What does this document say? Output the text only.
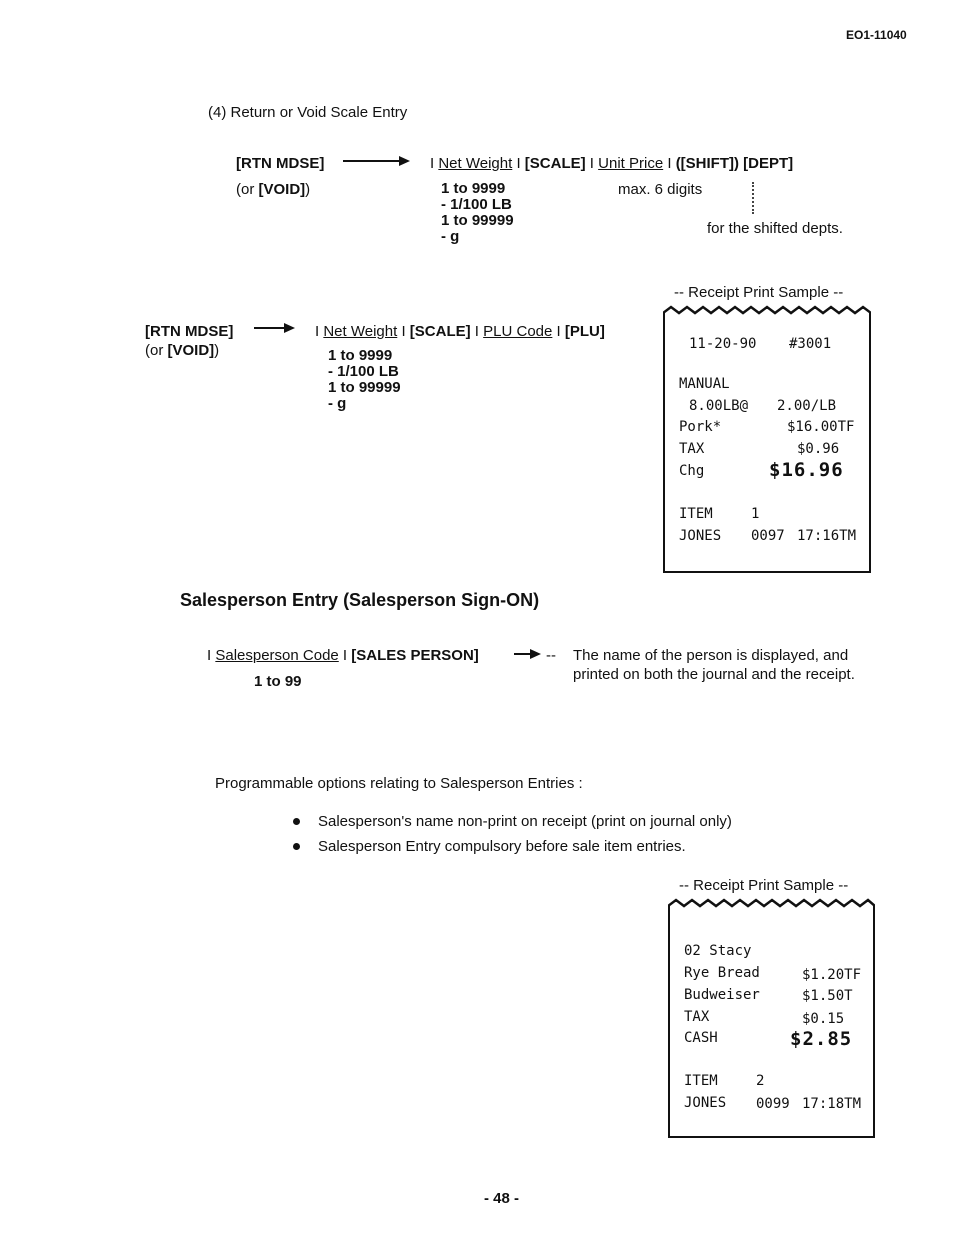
EO1-11040
(4) Return or Void Scale Entry
[RTN MDSE]
(or [VOID])
I Net Weight I [SCALE] I Unit Price I ([SHIFT]) [DEPT]
1 to 9999
- 1/100 LB
1 to 99999
- g
max. 6 digits
for the shifted depts.
-- Receipt Print Sample --
[RTN MDSE]
(or [VOID])
I Net Weight I [SCALE] I PLU Code I [PLU]
1 to 9999
- 1/100 LB
1 to 99999
- g
11-20-90 #3001
MANUAL
8.00LB@ 2.00/LB
Pork*	$16.00TF
TAX	$0.96
Chg	$16.96
ITEM	1
JONES 0097 17:16TM
Salesperson Entry (Salesperson Sign-ON)
I Salesperson Code I [SALES PERSON]	-- The name of the person is displayed, and
printed on both the journal and the receipt.
1 to 99
Programmable options relating to Salesperson Entries :
Salesperson's name non-print on receipt (print on journal only)
Salesperson Entry compulsory before sale item entries.
-- Receipt Print Sample --
02 Stacy
Rye Bread	$1.20TF
Budweiser	$1.50T
TAX	$0.15
CASH	$2.85
ITEM	2
JONES 0099 17:18TM
- 48 -
